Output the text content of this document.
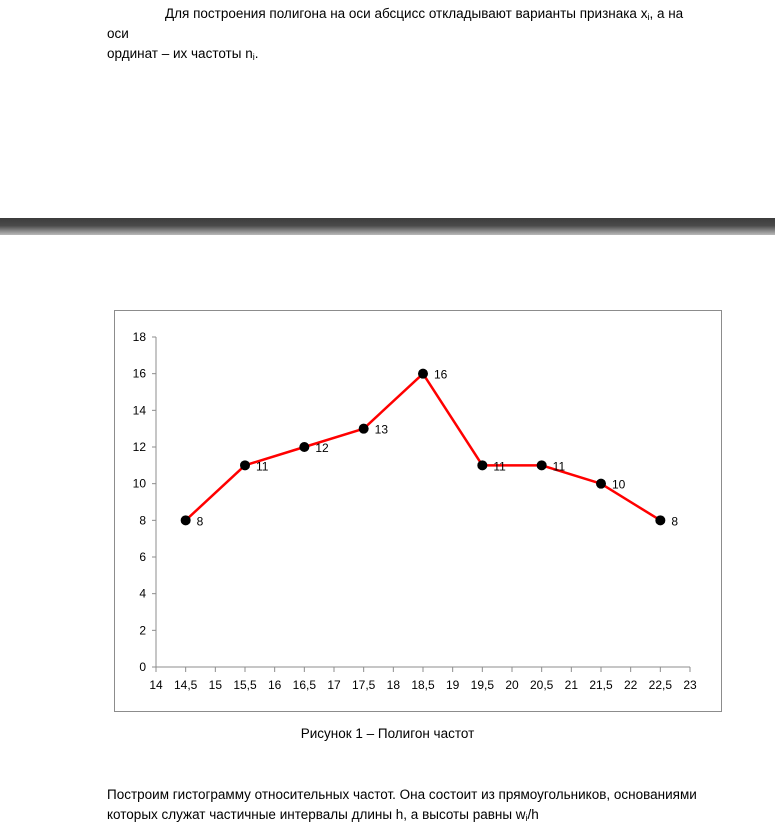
Для построения полигона на оси абсцисс откладывают варианты признака $x_i$, а на оси
ординат – их частоты $n_i$.

0
2
4
6
8
10
12
14
16
18
14 14,5 15 15,5 16 16,5 17 17,5 18 18,5 19 19,5 20 20,5 21 21,5 22 22,5 23
8
11
12
13
16
11	11
10
8
Рисунок 1 – Полигон частот

Построим гистограмму относительных частот. Она состоит из прямоугольников, основаниями
которых служат частичные интервалы длины h, а высоты равны $w_i/h$
